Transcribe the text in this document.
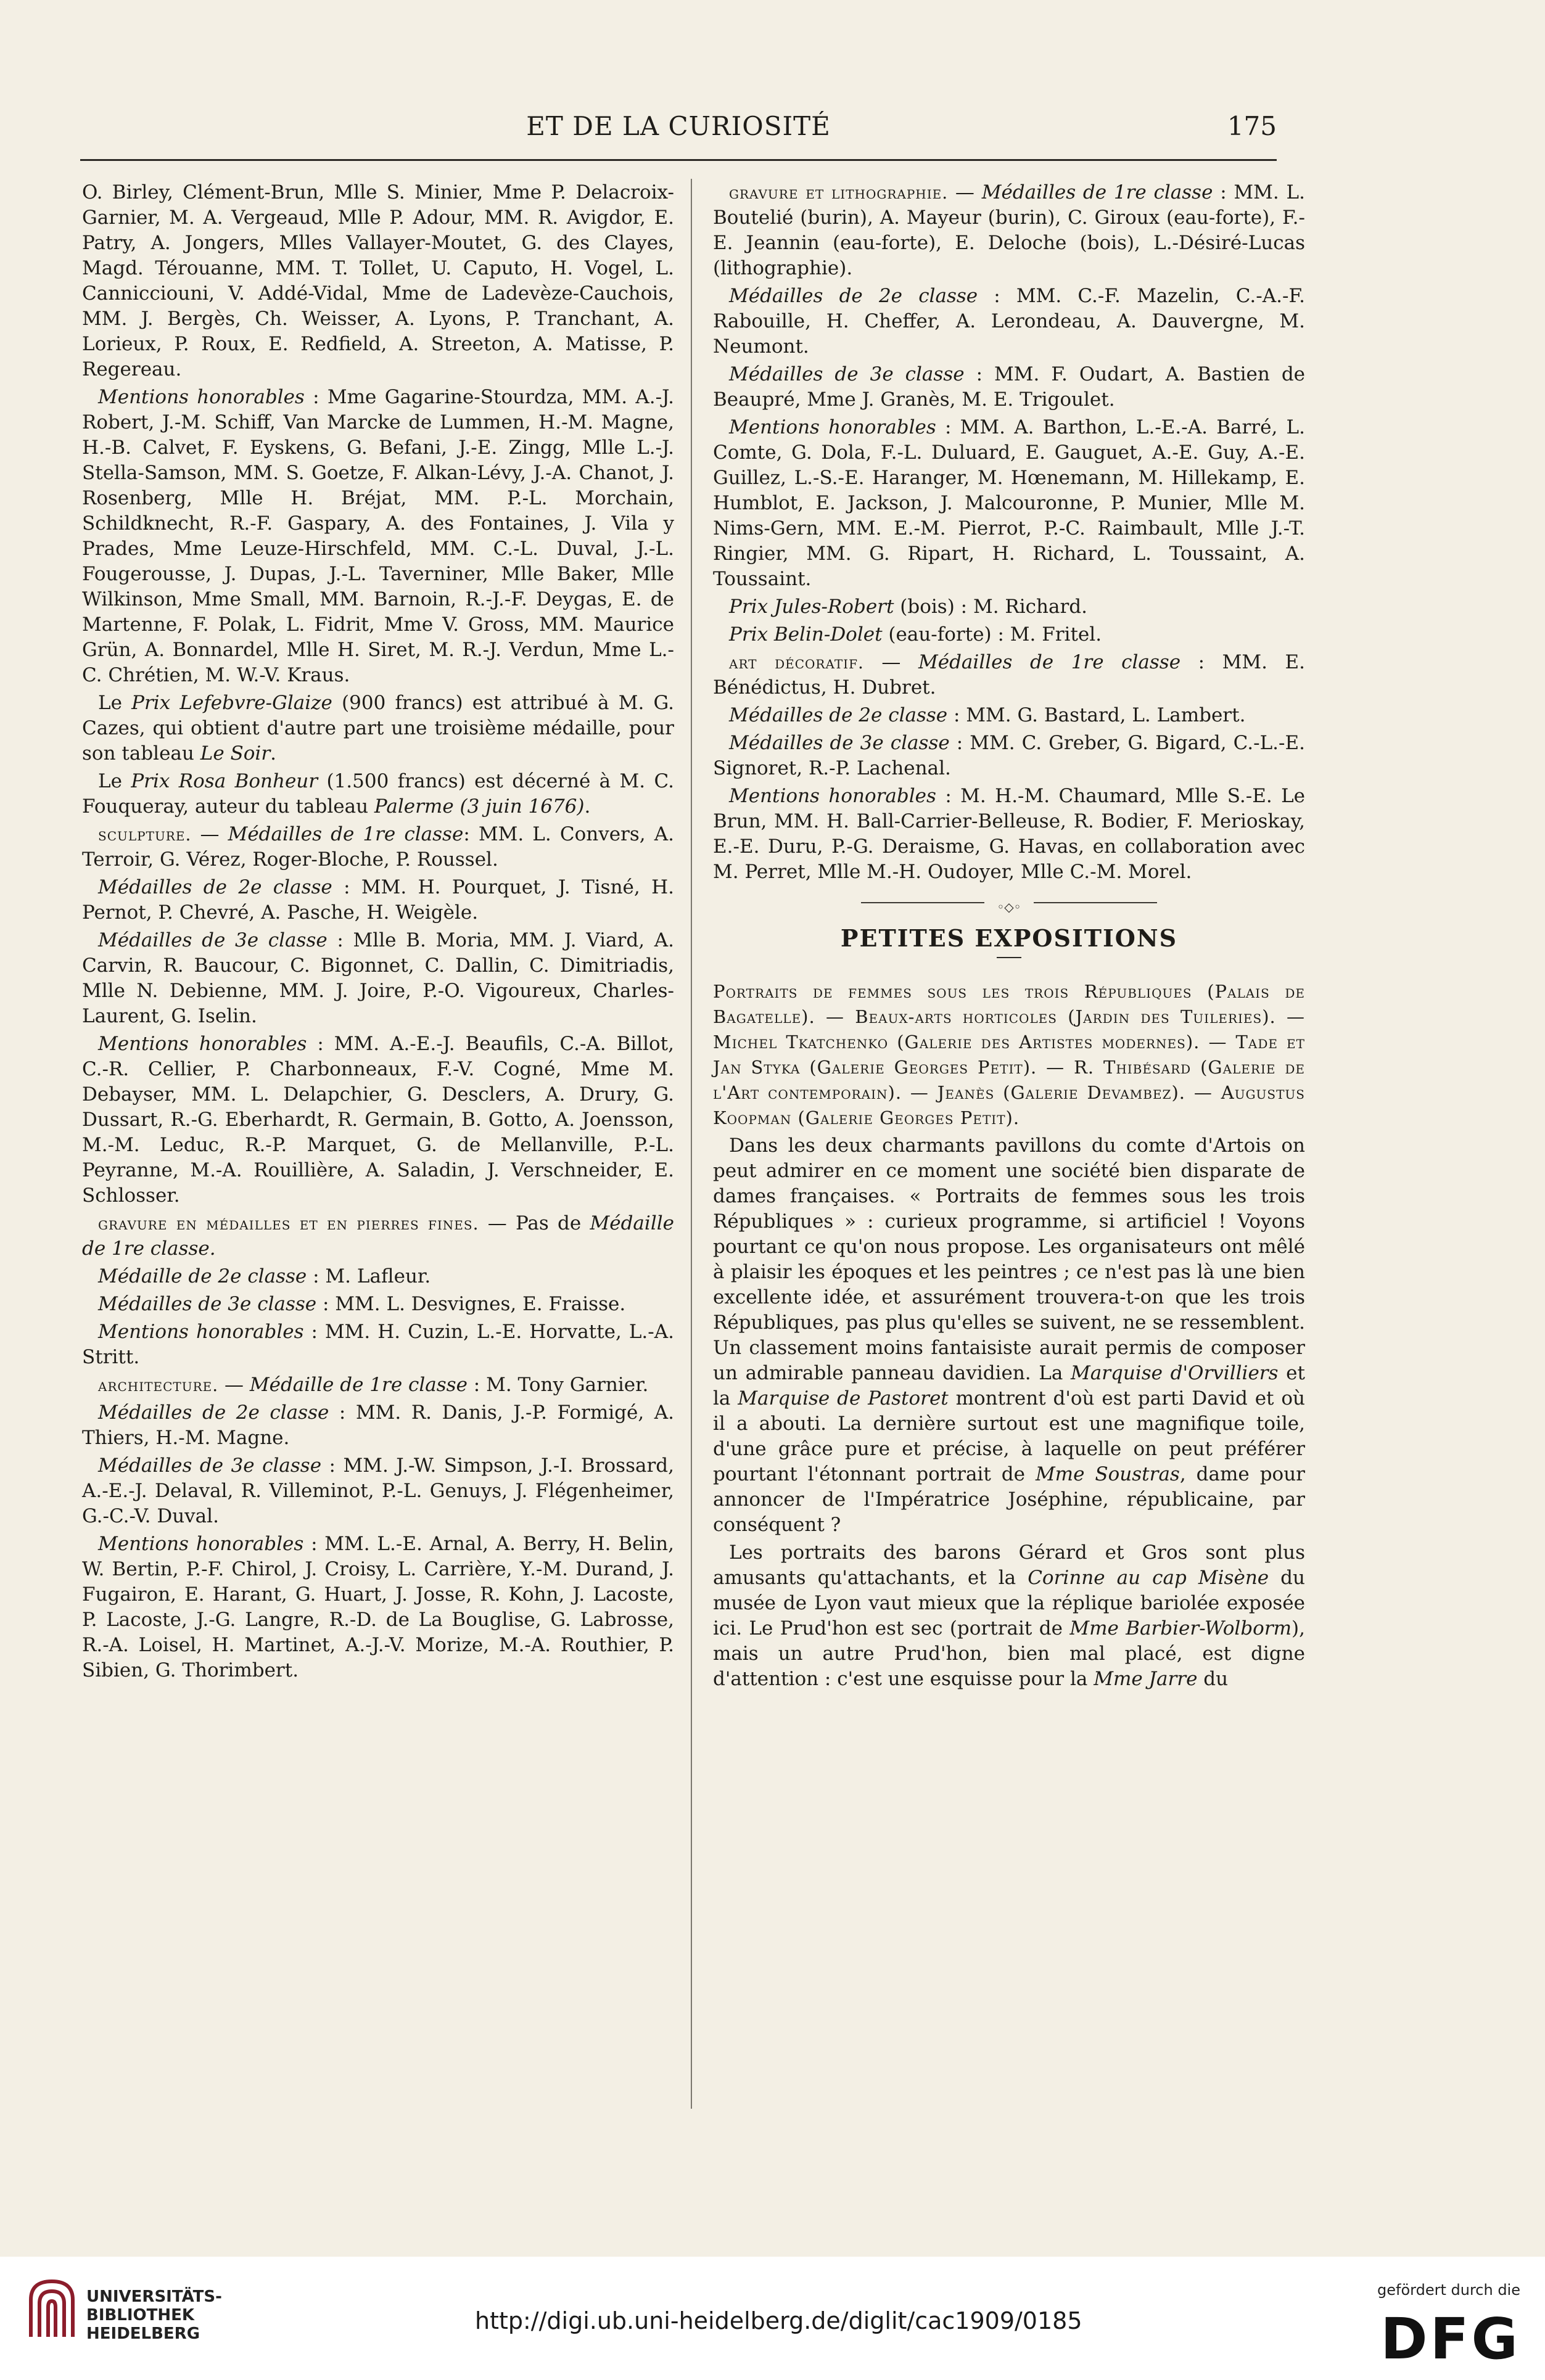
ET DE LA CURIOSITÉ	175

O. Birley, Clément-Brun, Mlle S. Minier, Mme P. Delacroix-Garnier, M. A. Vergeaud, Mlle P. Adour, MM. R. Avigdor, E. Patry, A. Jongers, Mlles Vallayer-Moutet, G. des Clayes, Magd. Térouanne, MM. T. Tollet, U. Caputo, H. Vogel, L. Cannicciouni, V. Addé-Vidal, Mme de Ladevèze-Cauchois, MM. J. Bergès, Ch. Weisser, A. Lyons, P. Tranchant, A. Lorieux, P. Roux, E. Redfield, A. Streeton, A. Matisse, P. Regereau.

Mentions honorables : Mme Gagarine-Stourdza, MM. A.-J. Robert, J.-M. Schiff, Van Marcke de Lummen, H.-M. Magne, H.-B. Calvet, F. Eyskens, G. Befani, J.-E. Zingg, Mlle L.-J. Stella-Samson, MM. S. Goetze, F. Alkan-Lévy, J.-A. Chanot, J. Rosenberg, Mlle H. Bréjat, MM. P.-L. Morchain, Schildknecht, R.-F. Gaspary, A. des Fontaines, J. Vila y Prades, Mme Leuze-Hirschfeld, MM. C.-L. Duval, J.-L. Fougerousse, J. Dupas, J.-L. Taverniner, Mlle Baker, Mlle Wilkinson, Mme Small, MM. Barnoin, R.-J.-F. Deygas, E. de Martenne, F. Polak, L. Fidrit, Mme V. Gross, MM. Maurice Grün, A. Bonnardel, Mlle H. Siret, M. R.-J. Verdun, Mme L.-C. Chrétien, M. W.-V. Kraus.

Le Prix Lefebvre-Glaize (900 francs) est attribué à M. G. Cazes, qui obtient d'autre part une troisième médaille, pour son tableau Le Soir.

Le Prix Rosa Bonheur (1.500 francs) est décerné à M. C. Fouqueray, auteur du tableau Palerme (3 juin 1676).

sculpture. — Médailles de 1re classe: MM. L. Convers, A. Terroir, G. Vérez, Roger-Bloche, P. Roussel.

Médailles de 2e classe : MM. H. Pourquet, J. Tisné, H. Pernot, P. Chevré, A. Pasche, H. Weigèle.

Médailles de 3e classe : Mlle B. Moria, MM. J. Viard, A. Carvin, R. Baucour, C. Bigonnet, C. Dallin, C. Dimitriadis, Mlle N. Debienne, MM. J. Joire, P.-O. Vigoureux, Charles-Laurent, G. Iselin.

Mentions honorables : MM. A.-E.-J. Beaufils, C.-A. Billot, C.-R. Cellier, P. Charbonneaux, F.-V. Cogné, Mme M. Debayser, MM. L. Delapchier, G. Desclers, A. Drury, G. Dussart, R.-G. Eberhardt, R. Germain, B. Gotto, A. Joensson, M.-M. Leduc, R.-P. Marquet, G. de Mellanville, P.-L. Peyranne, M.-A. Rouillière, A. Saladin, J. Verschneider, E. Schlosser.

gravure en médailles et en pierres fines. — Pas de Médaille de 1re classe.

Médaille de 2e classe : M. Lafleur.

Médailles de 3e classe : MM. L. Desvignes, E. Fraisse.

Mentions honorables : MM. H. Cuzin, L.-E. Horvatte, L.-A. Stritt.

architecture. — Médaille de 1re classe : M. Tony Garnier.

Médailles de 2e classe : MM. R. Danis, J.-P. Formigé, A. Thiers, H.-M. Magne.

Médailles de 3e classe : MM. J.-W. Simpson, J.-I. Brossard, A.-E.-J. Delaval, R. Villeminot, P.-L. Genuys, J. Flégenheimer, G.-C.-V. Duval.

Mentions honorables : MM. L.-E. Arnal, A. Berry, H. Belin, W. Bertin, P.-F. Chirol, J. Croisy, L. Carrière, Y.-M. Durand, J. Fugairon, E. Harant, G. Huart, J. Josse, R. Kohn, J. Lacoste, P. Lacoste, J.-G. Langre, R.-D. de La Bouglise, G. Labrosse, R.-A. Loisel, H. Martinet, A.-J.-V. Morize, M.-A. Routhier, P. Sibien, G. Thorimbert.

gravure et lithographie. — Médailles de 1re classe : MM. L. Boutelié (burin), A. Mayeur (burin), C. Giroux (eau-forte), F.-E. Jeannin (eau-forte), E. Deloche (bois), L.-Désiré-Lucas (lithographie).

Médailles de 2e classe : MM. C.-F. Mazelin, C.-A.-F. Rabouille, H. Cheffer, A. Lerondeau, A. Dauvergne, M. Neumont.

Médailles de 3e classe : MM. F. Oudart, A. Bastien de Beaupré, Mme J. Granès, M. E. Trigoulet.

Mentions honorables : MM. A. Barthon, L.-E.-A. Barré, L. Comte, G. Dola, F.-L. Duluard, E. Gauguet, A.-E. Guy, A.-E. Guillez, L.-S.-E. Haranger, M. Hœnemann, M. Hillekamp, E. Humblot, E. Jackson, J. Malcouronne, P. Munier, Mlle M. Nims-Gern, MM. E.-M. Pierrot, P.-C. Raimbault, Mlle J.-T. Ringier, MM. G. Ripart, H. Richard, L. Toussaint, A. Toussaint.

Prix Jules-Robert (bois) : M. Richard.

Prix Belin-Dolet (eau-forte) : M. Fritel.

art décoratif. — Médailles de 1re classe : MM. E. Bénédictus, H. Dubret.

Médailles de 2e classe : MM. G. Bastard, L. Lambert.

Médailles de 3e classe : MM. C. Greber, G. Bigard, C.-L.-E. Signoret, R.-P. Lachenal.

Mentions honorables : M. H.-M. Chaumard, Mlle S.-E. Le Brun, MM. H. Ball-Carrier-Belleuse, R. Bodier, F. Merioskay, E.-E. Duru, P.-G. Deraisme, G. Havas, en collaboration avec M. Perret, Mlle M.-H. Oudoyer, Mlle C.-M. Morel.

◦◇◦

PETITES EXPOSITIONS

Portraits de femmes sous les trois Républiques (Palais de Bagatelle). — Beaux-arts horticoles (Jardin des Tuileries). — Michel Tkatchenko (Galerie des Artistes modernes). — Tade et Jan Styka (Galerie Georges Petit). — R. Thibésard (Galerie de l'Art contemporain). — Jeanès (Galerie Devambez). — Augustus Koopman (Galerie Georges Petit).

Dans les deux charmants pavillons du comte d'Artois on peut admirer en ce moment une société bien disparate de dames françaises. « Portraits de femmes sous les trois Républiques » : curieux programme, si artificiel ! Voyons pourtant ce qu'on nous propose. Les organisateurs ont mêlé à plaisir les époques et les peintres ; ce n'est pas là une bien excellente idée, et assurément trouvera-t-on que les trois Républiques, pas plus qu'elles se suivent, ne se ressemblent. Un classement moins fantaisiste aurait permis de composer un admirable panneau davidien. La Marquise d'Orvilliers et la Marquise de Pastoret montrent d'où est parti David et où il a abouti. La dernière surtout est une magnifique toile, d'une grâce pure et précise, à laquelle on peut préférer pourtant l'étonnant portrait de Mme Soustras, dame pour annoncer de l'Impératrice Joséphine, républicaine, par conséquent ?

Les portraits des barons Gérard et Gros sont plus amusants qu'attachants, et la Corinne au cap Misène du musée de Lyon vaut mieux que la réplique bariolée exposée ici. Le Prud'hon est sec (portrait de Mme Barbier-Wolborm), mais un autre Prud'hon, bien mal placé, est digne d'attention : c'est une esquisse pour la Mme Jarre du

UNIVERSITÄTS-
BIBLIOTHEK
HEIDELBERG	http://digi.ub.uni-heidelberg.de/diglit/cac1909/0185
gefördert durch die
DFG
